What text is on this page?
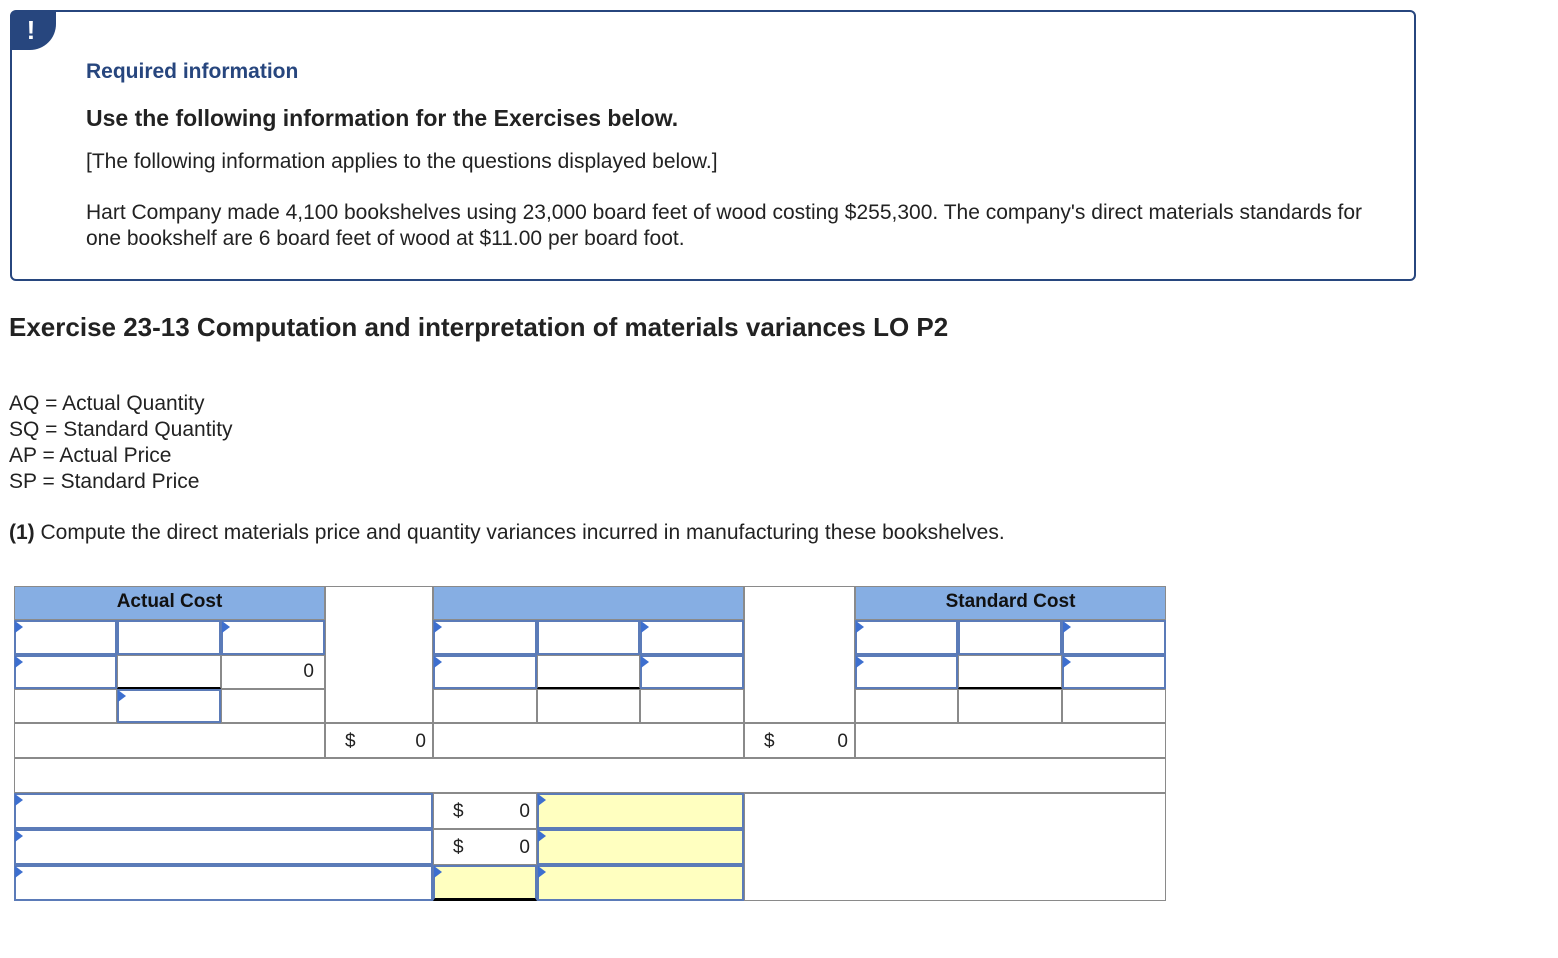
!
Required information
Use the following information for the Exercises below.
[The following information applies to the questions displayed below.]
Hart Company made 4,100 bookshelves using 23,000 board feet of wood costing $255,300. The company's direct materials standards for one bookshelf are 6 board feet of wood at $11.00 per board foot.
Exercise 23-13 Computation and interpretation of materials variances LO P2
AQ = Actual Quantity
SQ = Standard Quantity
AP = Actual Price
SP = Standard Price
(1) Compute the direct materials price and quantity variances incurred in manufacturing these bookshelves.
Actual Cost	Standard Cost
0
$	0	$	0
$	0
$	0
